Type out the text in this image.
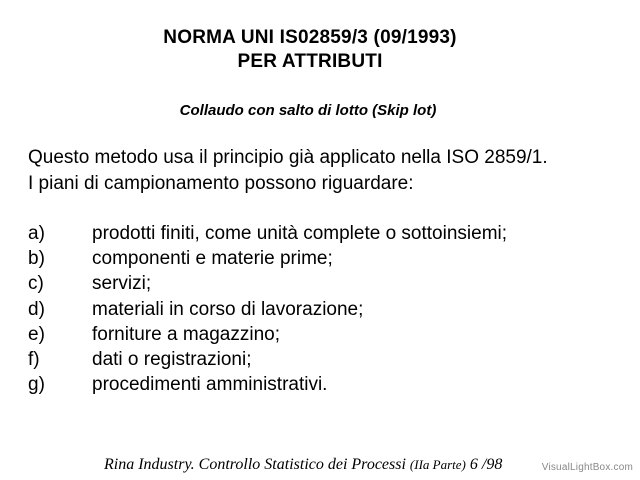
NORMA UNI IS02859/3 (09/1993)
PER ATTRIBUTI
Collaudo con salto di lotto (Skip lot)
Questo metodo usa il principio già applicato nella ISO 2859/1.
I piani di campionamento possono riguardare:
a)	prodotti finiti, come unità complete o sottoinsiemi;
b)	componenti e materie prime;
c)	servizi;
d)	materiali in corso di lavorazione;
e)	forniture a magazzino;
f)	dati o registrazioni;
g)	procedimenti amministrativi.
Rina Industry. Controllo Statistico dei Processi (IIa Parte) 6 /98	VisualLightBox.com
